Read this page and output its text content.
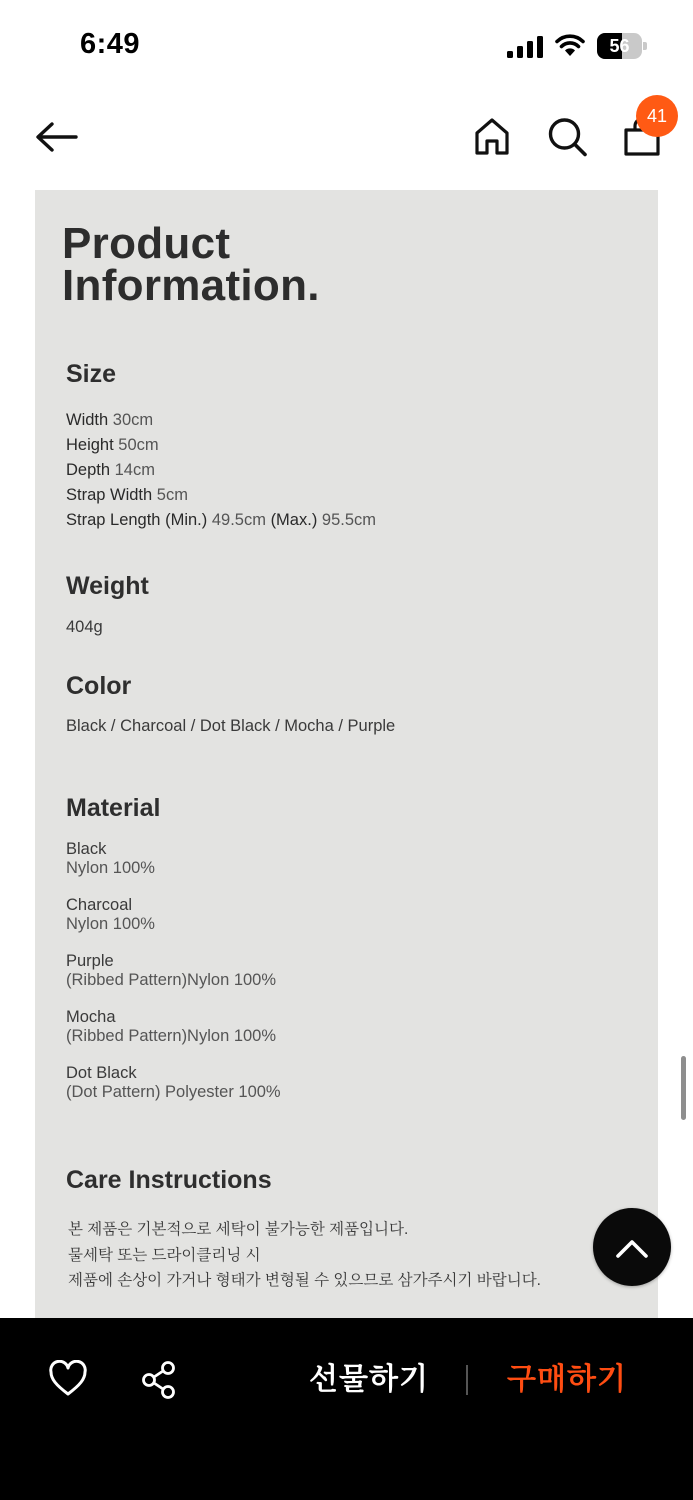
6:49	56
41
Product
Information.
Size
Width 30cm
Height 50cm
Depth 14cm
Strap Width 5cm
Strap Length (Min.) 49.5cm (Max.) 95.5cm
Weight
404g
Color
Black / Charcoal / Dot Black / Mocha / Purple
Material
Black
Nylon 100%
Charcoal
Nylon 100%
Purple
(Ribbed Pattern)Nylon 100%
Mocha
(Ribbed Pattern)Nylon 100%
Dot Black
(Dot Pattern) Polyester 100%
Care Instructions
본 제품은 기본적으로 세탁이 불가능한 제품입니다.
물세탁 또는 드라이클리닝 시
제품에 손상이 가거나 형태가 변형될 수 있으므로 삼가주시기 바랍니다.
선물하기	구매하기
